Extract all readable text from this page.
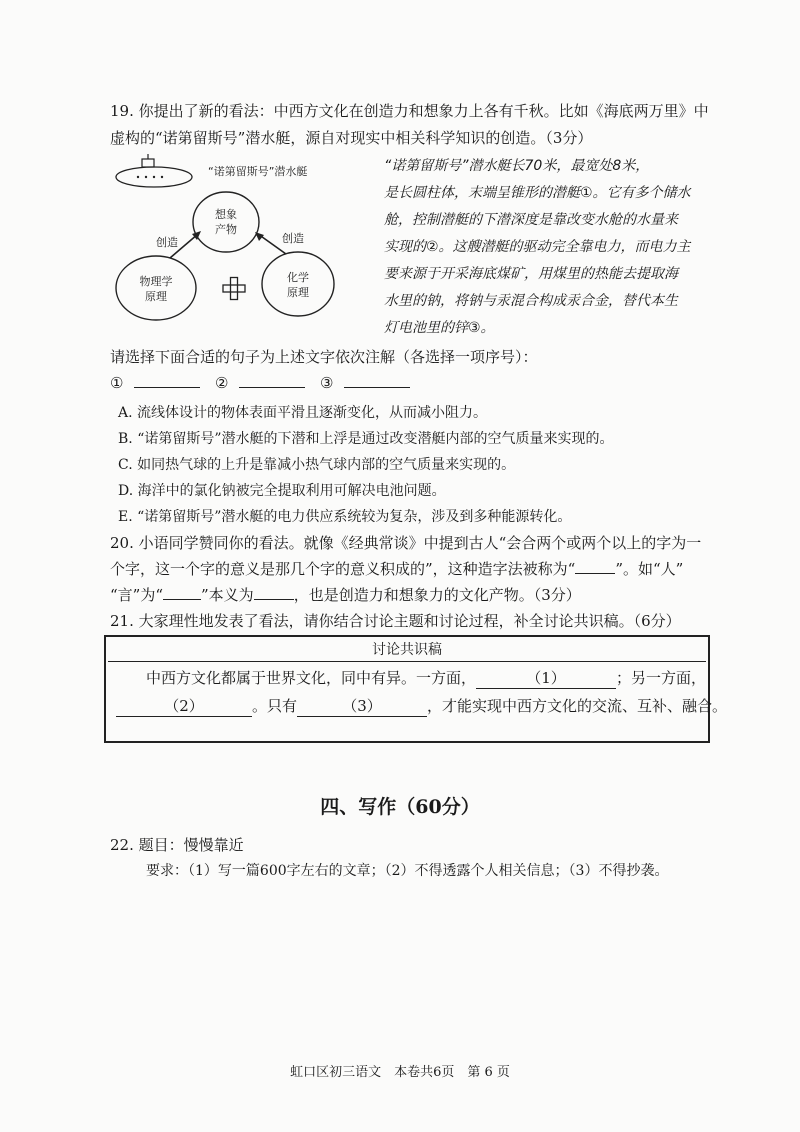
19. 你提出了新的看法：中西方文化在创造力和想象力上各有千秋。比如《海底两万里》中
虚构的“诺第留斯号”潜水艇，源自对现实中相关科学知识的创造。（3分）
“诺第留斯号”潜水艇
想象
产物
物理学
原理
化学
原理
创造	创造
“诺第留斯号”潜水艇长70米，最宽处8米，
是长圆柱体，末端呈锥形的潜艇①。它有多个储水
舱，控制潜艇的下潜深度是靠改变水舱的水量来
实现的②。这艘潜艇的驱动完全靠电力，而电力主
要来源于开采海底煤矿，用煤里的热能去提取海
水里的钠，将钠与汞混合构成汞合金，替代本生
灯电池里的锌③。
请选择下面合适的句子为上述文字依次注解（各选择一项序号）：
①	②	③
A. 流线体设计的物体表面平滑且逐渐变化，从而减小阻力。
B. “诺第留斯号”潜水艇的下潜和上浮是通过改变潜艇内部的空气质量来实现的。
C. 如同热气球的上升是靠减小热气球内部的空气质量来实现的。
D. 海洋中的氯化钠被完全提取利用可解决电池问题。
E. “诺第留斯号”潜水艇的电力供应系统较为复杂，涉及到多种能源转化。
20. 小语同学赞同你的看法。就像《经典常谈》中提到古人“会合两个或两个以上的字为一
个字，这一个字的意义是那几个字的意义积成的”，这种造字法被称为“	”。如“人”
“言”为“	”本义为	，也是创造力和想象力的文化产物。（3分）
21. 大家理性地发表了看法，请你结合讨论主题和讨论过程，补全讨论共识稿。（6分）
讨论共识稿
中西方文化都属于世界文化，同中有异。一方面，	（1）	；另一方面，
（2）	。只有	（3）	，才能实现中西方文化的交流、互补、融合。
四、写作（60分）
22. 题目：慢慢靠近
要求：（1）写一篇600字左右的文章；（2）不得透露个人相关信息；（3）不得抄袭。
虹口区初三语文　本卷共6页　第 6 页
